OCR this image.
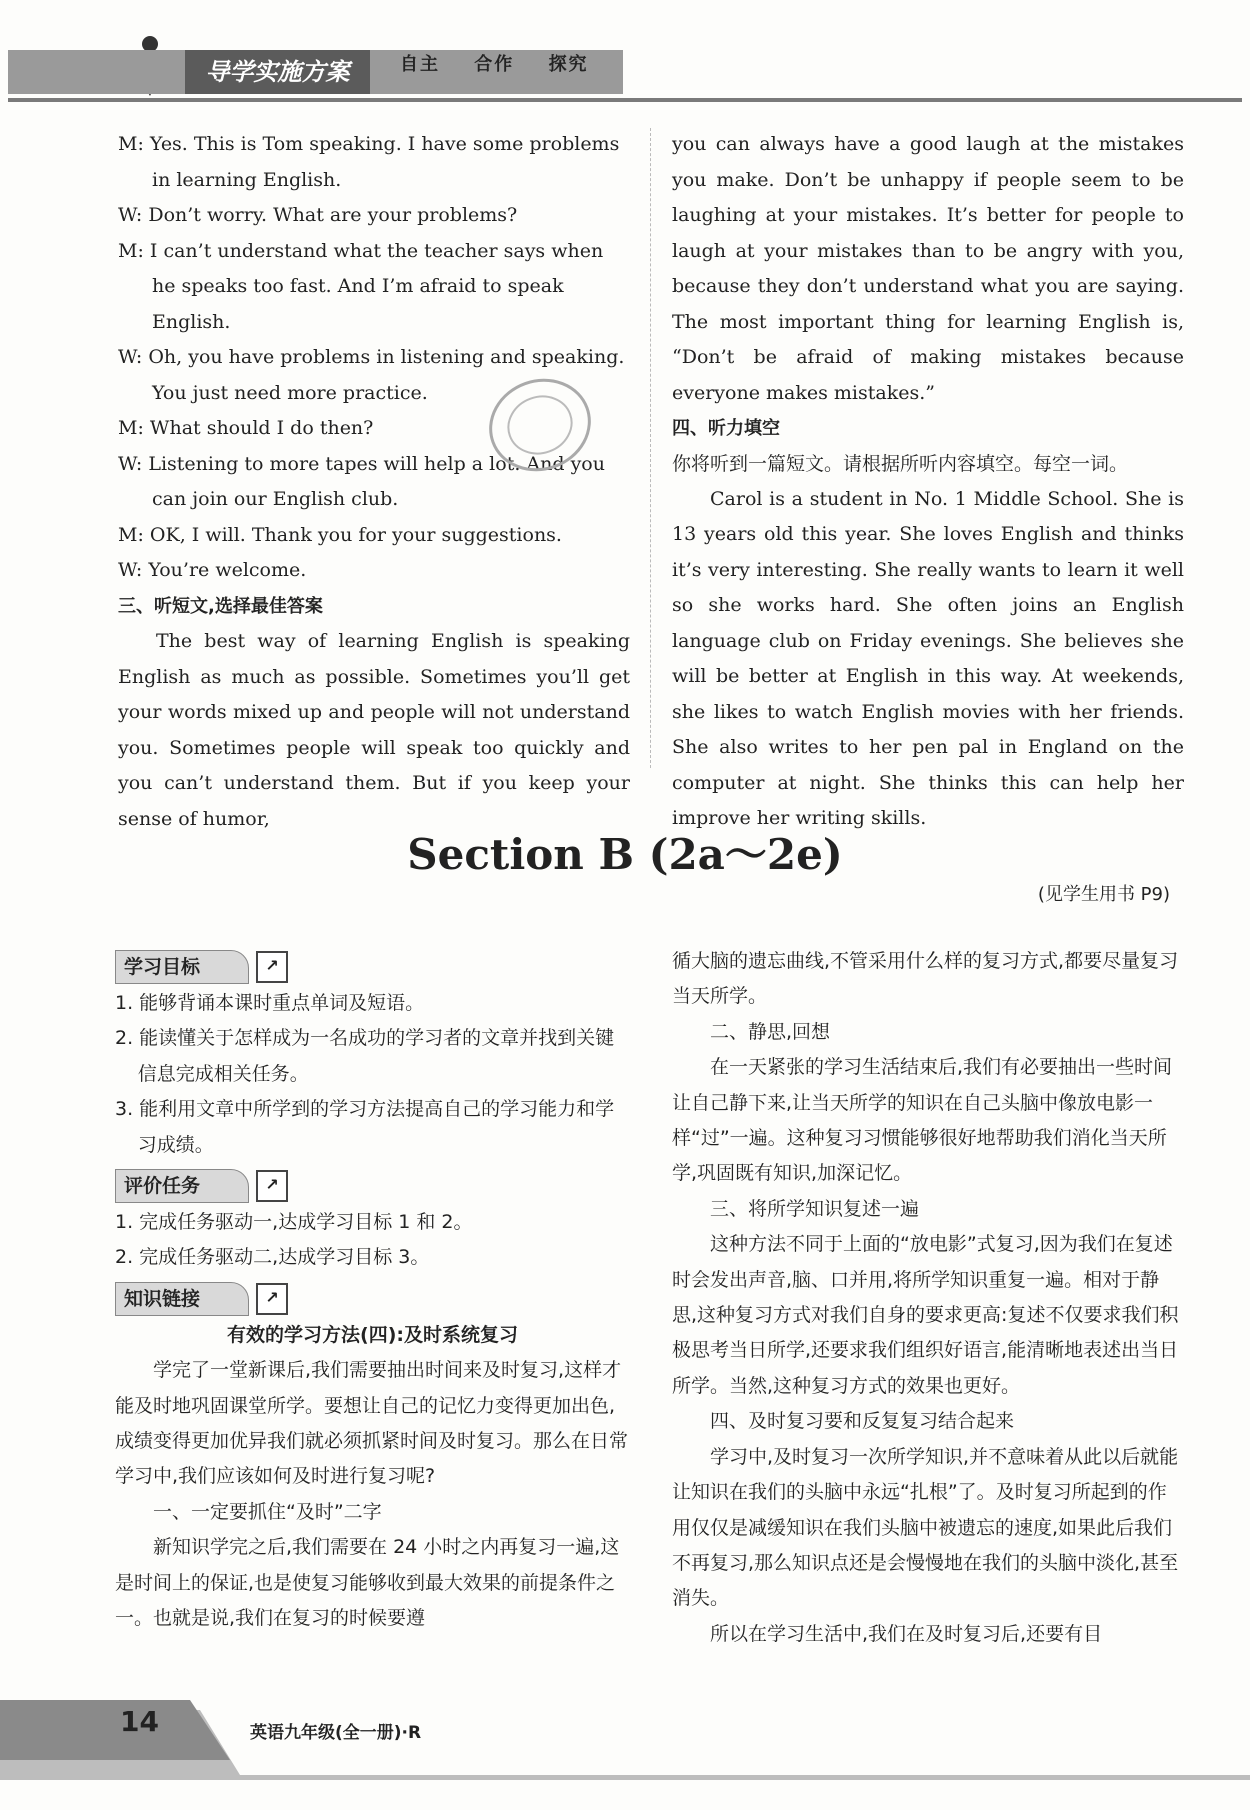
导学实施方案	自主 合作 探究

M: Yes. This is Tom speaking. I have some problems in learning English.

W: Don’t worry. What are your problems?

M: I can’t understand what the teacher says when he speaks too fast. And I’m afraid to speak English.

W: Oh, you have problems in listening and speaking. You just need more practice.

M: What should I do then?

W: Listening to more tapes will help a lot. And you can join our English club.

M: OK, I will. Thank you for your suggestions.

W: You’re welcome.

三、听短文,选择最佳答案

The best way of learning English is speaking English as much as possible. Sometimes you’ll get your words mixed up and people will not understand you. Sometimes people will speak too quickly and you can’t understand them. But if you keep your sense of humor,

you can always have a good laugh at the mistakes you make. Don’t be unhappy if people seem to be laughing at your mistakes. It’s better for people to laugh at your mistakes than to be angry with you, because they don’t understand what you are saying. The most important thing for learning English is, “Don’t be afraid of making mistakes because everyone makes mistakes.”

四、听力填空

你将听到一篇短文。请根据所听内容填空。每空一词。

Carol is a student in No. 1 Middle School. She is 13 years old this year. She loves English and thinks it’s very interesting. She really wants to learn it well so she works hard. She often joins an English language club on Friday evenings. She believes she will be better at English in this way. At weekends, she likes to watch English movies with her friends. She also writes to her pen pal in England on the computer at night. She thinks this can help her improve her writing skills.

Section B (2a～2e)
(见学生用书 P9)
学习目标	↗

1. 能够背诵本课时重点单词及短语。

2. 能读懂关于怎样成为一名成功的学习者的文章并找到关键信息完成相关任务。

3. 能利用文章中所学到的学习方法提高自己的学习能力和学习成绩。

评价任务	↗

1. 完成任务驱动一,达成学习目标 1 和 2。

2. 完成任务驱动二,达成学习目标 3。

知识链接	↗

有效的学习方法(四):及时系统复习

学完了一堂新课后,我们需要抽出时间来及时复习,这样才能及时地巩固课堂所学。要想让自己的记忆力变得更加出色,成绩变得更加优异我们就必须抓紧时间及时复习。那么在日常学习中,我们应该如何及时进行复习呢?

一、一定要抓住“及时”二字

新知识学完之后,我们需要在 24 小时之内再复习一遍,这是时间上的保证,也是使复习能够收到最大效果的前提条件之一。也就是说,我们在复习的时候要遵

循大脑的遗忘曲线,不管采用什么样的复习方式,都要尽量复习当天所学。

二、静思,回想

在一天紧张的学习生活结束后,我们有必要抽出一些时间让自己静下来,让当天所学的知识在自己头脑中像放电影一样“过”一遍。这种复习习惯能够很好地帮助我们消化当天所学,巩固既有知识,加深记忆。

三、将所学知识复述一遍

这种方法不同于上面的“放电影”式复习,因为我们在复述时会发出声音,脑、口并用,将所学知识重复一遍。相对于静思,这种复习方式对我们自身的要求更高:复述不仅要求我们积极思考当日所学,还要求我们组织好语言,能清晰地表述出当日所学。当然,这种复习方式的效果也更好。

四、及时复习要和反复复习结合起来

学习中,及时复习一次所学知识,并不意味着从此以后就能让知识在我们的头脑中永远“扎根”了。及时复习所起到的作用仅仅是减缓知识在我们头脑中被遗忘的速度,如果此后我们不再复习,那么知识点还是会慢慢地在我们的头脑中淡化,甚至消失。

所以在学习生活中,我们在及时复习后,还要有目

14	英语九年级(全一册)·R
